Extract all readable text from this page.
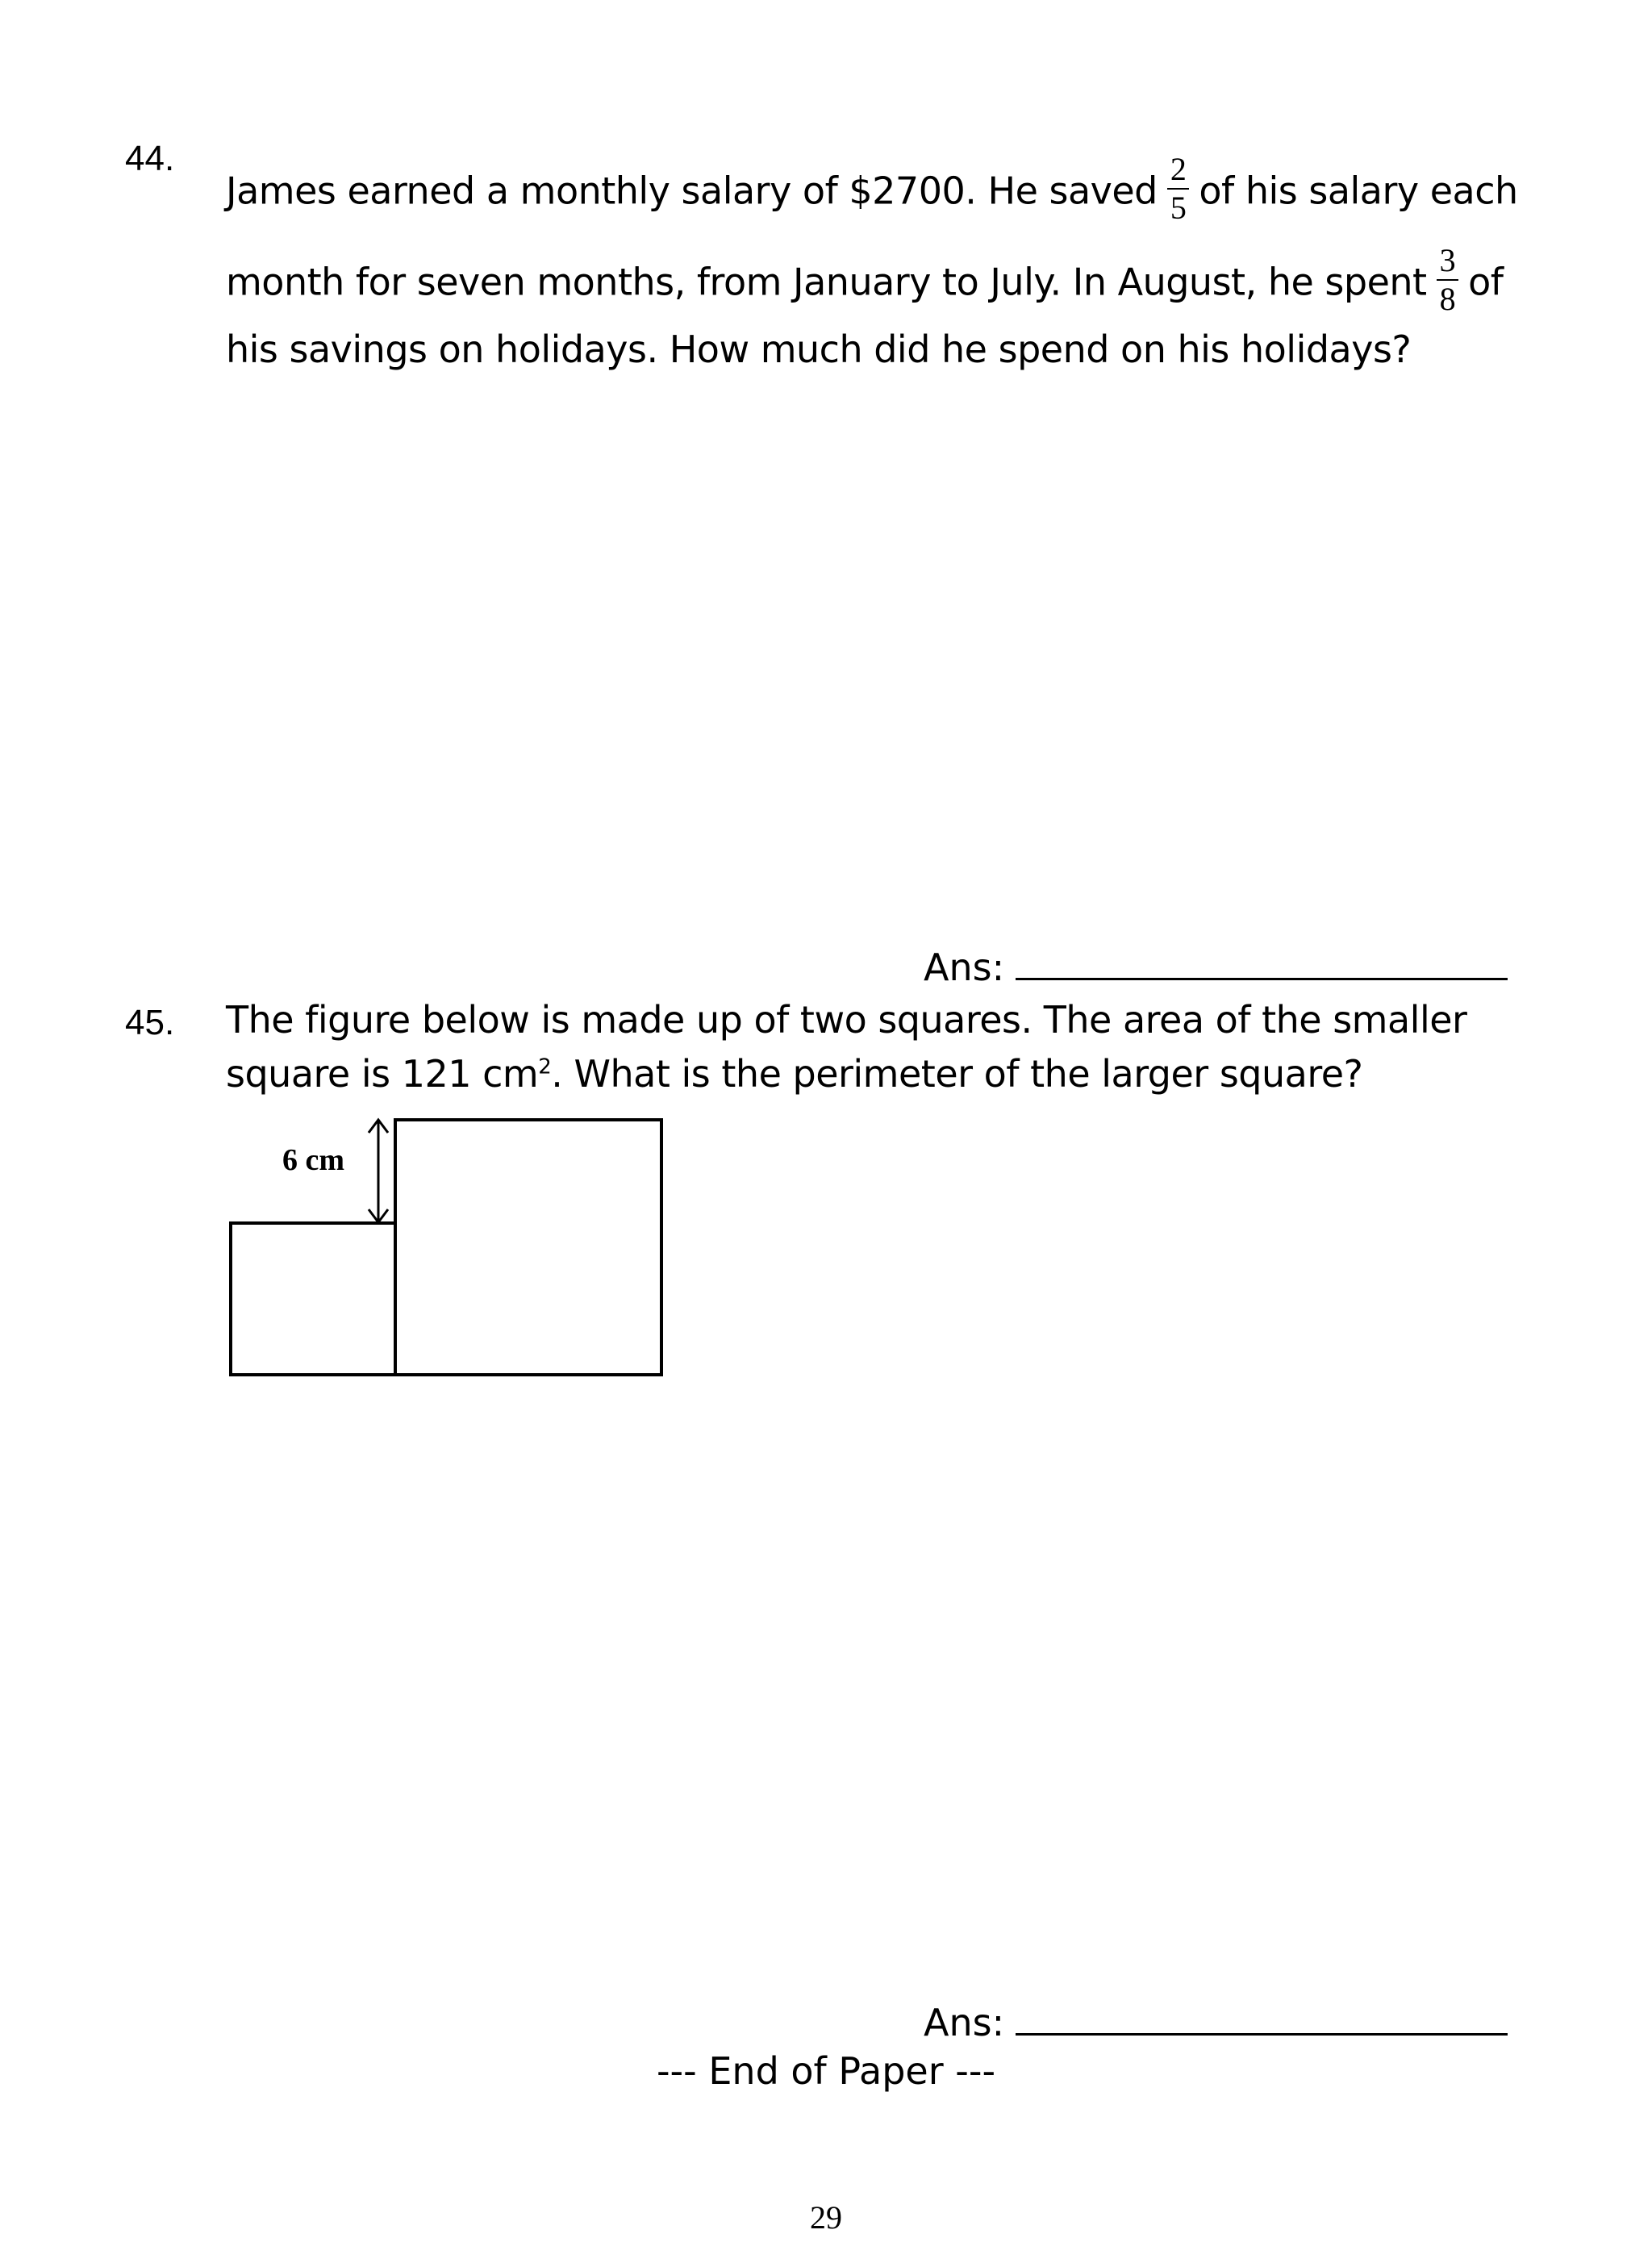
44.
James earned a monthly salary of $2700. He saved $\frac{2}{5}$ of his salary each
month for seven months, from January to July. In August, he spent $\frac{3}{8}$ of
his savings on holidays. How much did he spend on his holidays?
Ans:
45. The figure below is made up of two squares. The area of the smaller
square is 121 $cm^2$. What is the perimeter of the larger square?
6 cm
Ans:
--- End of Paper ---
29
